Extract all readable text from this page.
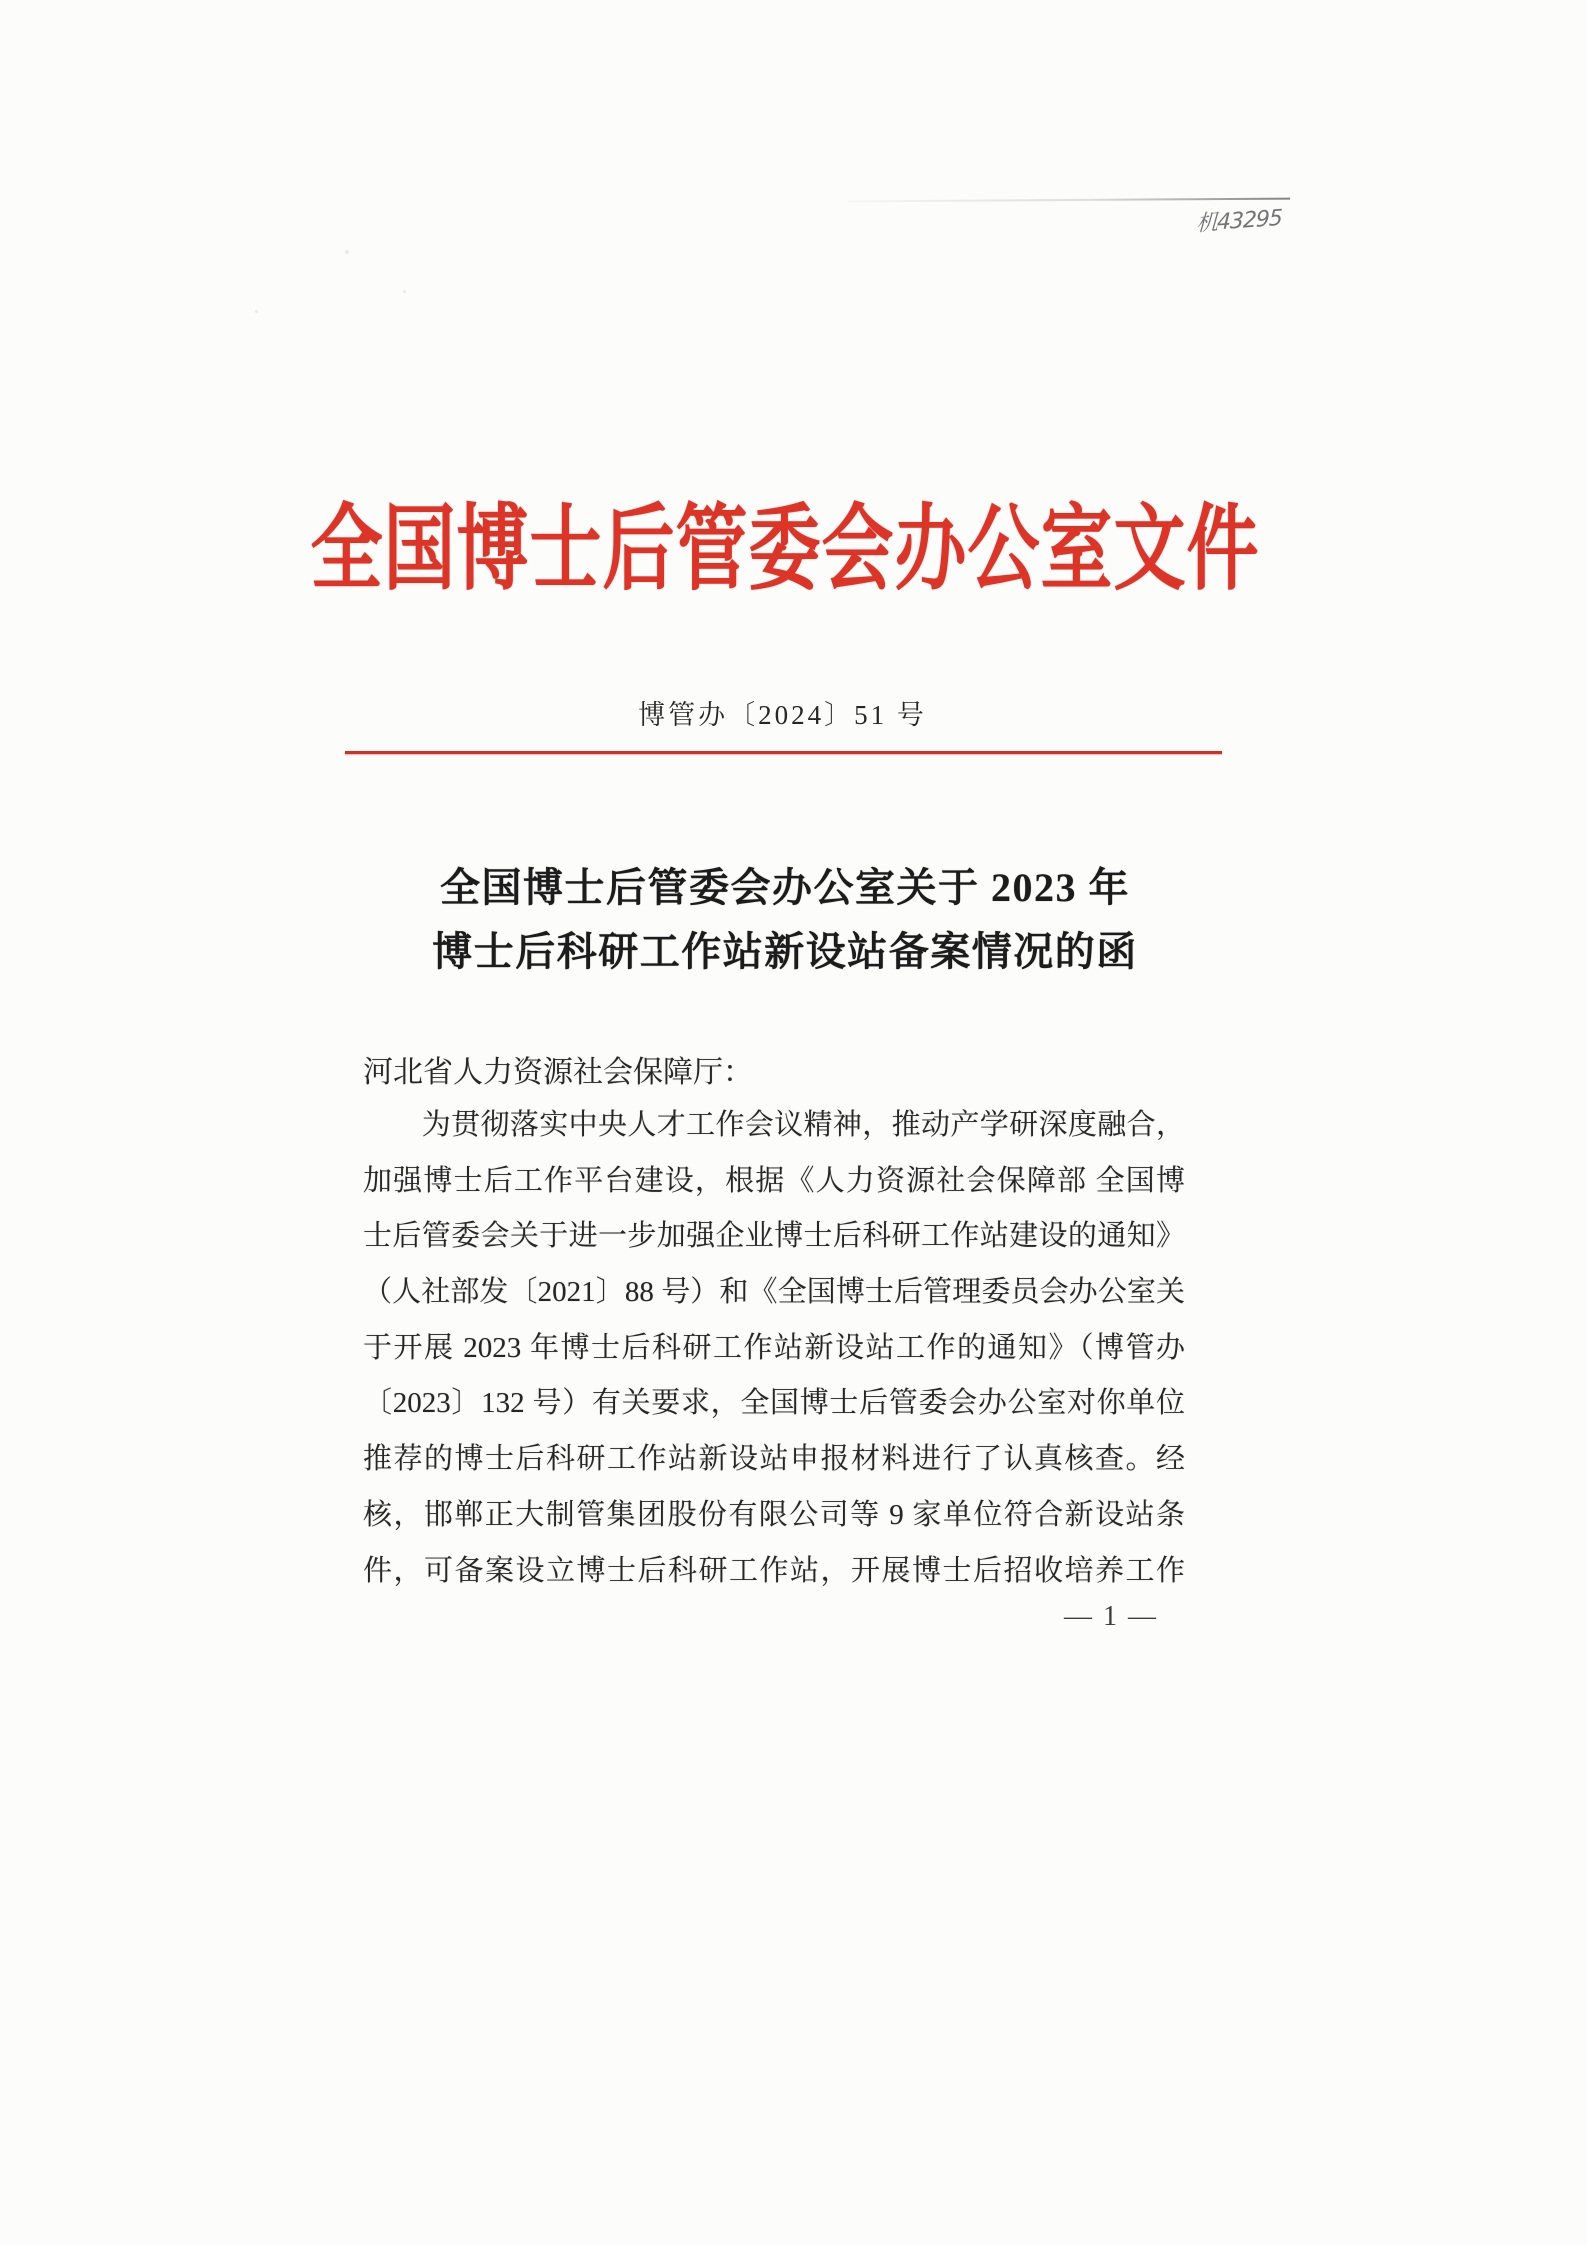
机43295
全国博士后管委会办公室文件
博管办〔2024〕51 号
全国博士后管委会办公室关于 2023 年
博士后科研工作站新设站备案情况的函
河北省人力资源社会保障厅：
　　为贯彻落实中央人才工作会议精神，推动产学研深度融合，
加强博士后工作平台建设，根据《人力资源社会保障部 全国博
士后管委会关于进一步加强企业博士后科研工作站建设的通知》
（人社部发〔2021〕88 号）和《全国博士后管理委员会办公室关
于开展 2023 年博士后科研工作站新设站工作的通知》（博管办
〔2023〕132 号）有关要求，全国博士后管委会办公室对你单位
推荐的博士后科研工作站新设站申报材料进行了认真核查。经
核，邯郸正大制管集团股份有限公司等 9 家单位符合新设站条
件，可备案设立博士后科研工作站，开展博士后招收培养工作
— 1 —
